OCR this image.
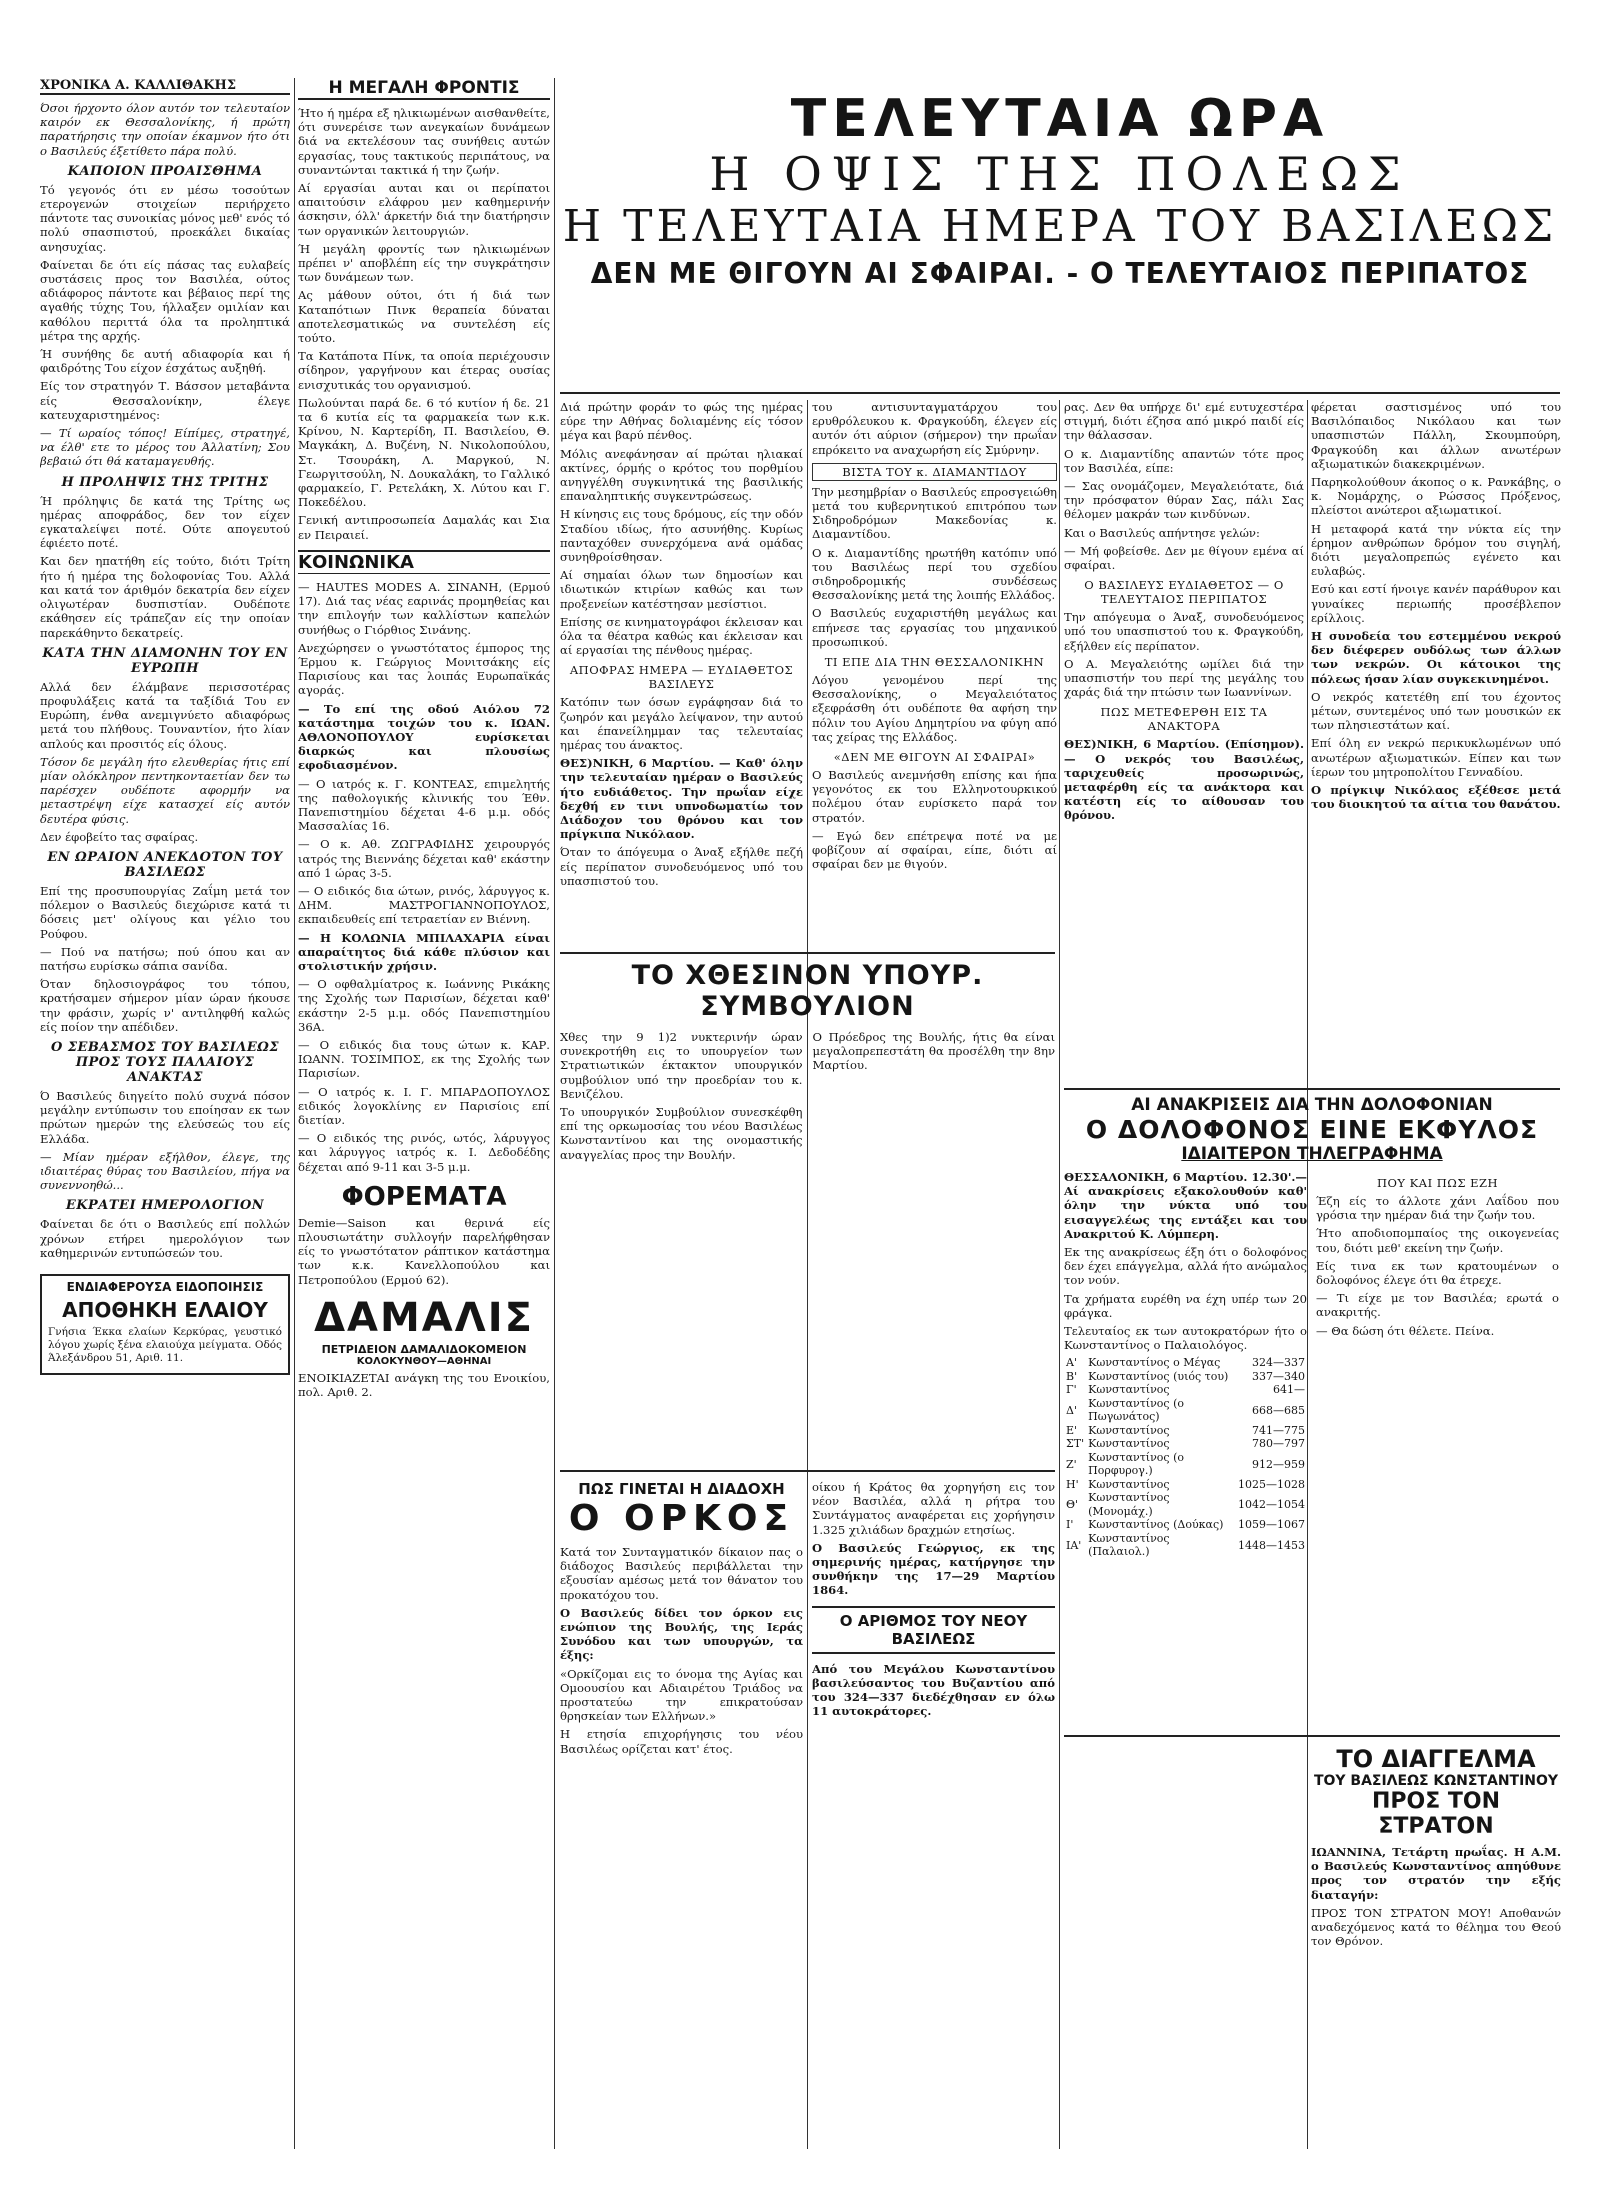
ΤΕΛΕΥΤΑΙΑ ΩΡΑ
Η ΟΨΙΣ ΤΗΣ ΠΟΛΕΩΣ
Η ΤΕΛΕΥΤΑΙΑ ΗΜΕΡΑ ΤΟΥ ΒΑΣΙΛΕΩΣ
ΔΕΝ ΜΕ ΘΙΓΟΥΝ ΑΙ ΣΦΑΙΡΑΙ. - Ο ΤΕΛΕΥΤΑΙΟΣ ΠΕΡΙΠΑΤΟΣ
ΧΡΟΝΙΚΑ Α. ΚΑΛΛΙΘΑΚΗΣ

Όσοι ήρχοντο όλον αυτόν τον τελευταίον καιρόν εκ Θεσσαλονίκης, ή πρώτη παρατήρησις την οποίαν έκαμνον ήτο ότι ο Βασιλεύς έξετίθετο πάρα πολύ.

ΚΑΠΟΙΟΝ ΠΡΟΑΙΣΘΗΜΑ

Τό γεγονός ότι εν μέσω τοσούτων ετερογενών στοιχείων περιήρχετο πάντοτε τας συνοικίας μόνος μεθ' ενός τό πολύ σπασπιστού, προεκάλει δικαίας ανησυχίας.

Φαίνεται δε ότι είς πάσας τας ευλαβείς συστάσεις προς τον Βασιλέα, ούτος αδιάφορος πάντοτε και βέβαιος περί της αγαθής τύχης Του, ήλλαξεν ομιλίαν και καθόλου περιττά όλα τα προληπτικά μέτρα της αρχής.

Ή συνήθης δε αυτή αδιαφορία και ή φαιδρότης Του είχον έσχάτως αυξηθή.

Είς τον στρατηγόν Τ. Βάσσον μεταβάντα είς Θεσσαλονίκην, έλεγε κατευχαριστημένος:

— Τί ωραίος τόπος! Είπίμες, στρατηγέ, να έλθ' ετε το μέρος του Άλλατίνη; Σου βεβαιώ ότι θά καταμαγευθής.

Η ΠΡΟΛΗΨΙΣ ΤΗΣ ΤΡΙΤΗΣ

Ή πρόληψις δε κατά της Τρίτης ως ημέρας αποφράδος, δεν τον είχεν εγκαταλείψει ποτέ. Ούτε απογευτού έφιέετο ποτέ.

Και δεν ηπατήθη είς τούτο, διότι Τρίτη ήτο ή ημέρα της δολοφονίας Του. Αλλά και κατά τον άριθμόν δεκατρία δεν είχεν ολιγωτέραν δυσπιστίαν. Ουδέποτε εκάθησεν είς τράπεζαν είς την οποίαν παρεκάθηντο δεκατρείς.

ΚΑΤΑ ΤΗΝ ΔΙΑΜΟΝΗΝ ΤΟΥ ΕΝ ΕΥΡΩΠΗ

Αλλά δεν έλάμβανε περισσοτέρας προφυλάξεις κατά τα ταξίδιά Του εν Ευρώπη, ένθα ανεμιγνύετο αδιαφόρως μετά του πλήθους. Τουναντίον, ήτο λίαν απλούς και προσιτός είς όλους.

Τόσον δε μεγάλη ήτο ελευθερίας ήτις επί μίαν ολόκληρον πεντηκονταετίαν δεν τω παρέσχεν ουδέποτε αφορμήν να μεταστρέψη είχε κατασχεί είς αυτόν δευτέρα φύσις.

Δεν έφοβείτο τας σφαίρας.

ΕΝ ΩΡΑΙΟΝ ΑΝΕΚΔΟΤΟΝ ΤΟΥ ΒΑΣΙΛΕΩΣ

Επί της προσυπουργίας Ζαΐμη μετά τον πόλεμον ο Βασιλεύς διεχώρισε κατά τι δόσεις μετ' ολίγους και γέλιο του Ρούφου.

— Πού να πατήσω; πού όπου και αν πατήσω ευρίσκω σάπια σανίδα.

Όταν δηλοσιογράφος του τόπου, κρατήσαμεν σήμερον μίαν ώραν ήκουσε την φράσιν, χωρίς ν' αντιληφθή καλώς είς ποίον την απέδιδεν.

Ο ΣΕΒΑΣΜΟΣ ΤΟΥ ΒΑΣΙΛΕΩΣ ΠΡΟΣ ΤΟΥΣ ΠΑΛΑΙΟΥΣ ΑΝΑΚΤΑΣ

Ό Βασιλεύς διηγείτο πολύ συχνά πόσον μεγάλην εντύπωσιν του εποίησαν εκ των πρώτων ημερών της ελεύσεώς του είς Ελλάδα.

— Μίαν ημέραν εξήλθον, έλεγε, της ιδιαιτέρας θύρας του Βασιλείου, πήγα να συνεννοηθώ...

ΕΚΡΑΤΕΙ ΗΜΕΡΟΛΟΓΙΟΝ

Φαίνεται δε ότι ο Βασιλεύς επί πολλών χρόνων ετήρει ημερολόγιον των καθημερινών εντυπώσεών του.

ΕΝΔΙΑΦΕΡΟΥΣΑ ΕΙΔΟΠΟΙΗΣΙΣ
ΑΠΟΘΗΚΗ ΕΛΑΙΟΥ

Γνήσια Έκκα ελαίων Κερκύρας, γευστικό λόγου χωρίς ξένα ελαιούχα μείγματα. Οδός Άλεξάνδρου 51, Αριθ. 11.

Η ΜΕΓΑΛΗ ΦΡΟΝΤΙΣ

Ήτο ή ημέρα εξ ηλικιωμένων αισθανθείτε, ότι συνερέισε των ανεγκαίων δυνάμεων διά να εκτελέσουν τας συνήθεις αυτών εργασίας, τους τακτικούς περιπάτους, να συναντώνται τακτικά ή την ζωήν.

Αί εργασίαι αυται και οι περίπατοι απαιτούσιν ελάφρου μεν καθημερινήν άσκησιν, όλλ' άρκετήν διά την διατήρησιν των οργανικών λειτουργιών.

Ή μεγάλη φροντίς των ηλικιωμένων πρέπει ν' αποβλέπη είς την συγκράτησιν των δυνάμεων των.

Ας μάθουν ούτοι, ότι ή διά των Καταπότιων Πινκ θεραπεία δύναται αποτελεσματικώς να συντελέση είς τούτο.

Τα Κατάποτα Πίνκ, τα οποία περιέχουσιν σίδηρον, γαργήνουν και έτερας ουσίας ενισχυτικάς του οργανισμού.

Πωλούνται παρά δε. 6 τό κυτίον ή δε. 21 τα 6 κυτία είς τα φαρμακεία των κ.κ. Κρίνου, Ν. Καρτερίδη, Π. Βασιλείου, Θ. Μαγκάκη, Δ. Βυζένη, Ν. Νικολοπούλου, Στ. Τσουράκη, Λ. Μαργκού, Ν. Γεωργιτσούλη, Ν. Δουκαλάκη, το Γαλλικό φαρμακείο, Γ. Ρετελάκη, Χ. Λύτου και Γ. Ποκεδέλου.

Γενική αντιπροσωπεία Δαμαλάς και Σια εν Πειραιεί.

ΚΟΙΝΩΝΙΚΑ

— HAUTES MODES Α. ΣΙΝΑΝΗ, (Ερμού 17). Διά τας νέας εαρινάς προμηθείας και την επιλογήν των καλλίστων καπελών συνήθως ο Γιόρθιος Σινάνης.

Ανεχώρησεν ο γνωστότατος έμπορος της Έρμου κ. Γεώργιος Μονιτσάκης είς Παρισίους και τας λοιπάς Ευρωπαϊκάς αγοράς.

— Το επί της οδού Αιόλου 72 κατάστημα τοιχών του κ. ΙΩΑΝ. ΑΘΛΟΝΟΠΟΥΛΟΥ ευρίσκεται διαρκώς και πλουσίως εφοδιασμένον.

— Ο ιατρός κ. Γ. ΚΟΝΤΕΑΣ, επιμελητής της παθολογικής κλινικής του Έθν. Πανεπιστημίου δέχεται 4-6 μ.μ. οδός Μασσαλίας 16.

— Ο κ. Αθ. ΖΩΓΡΑΦΙΔΗΣ χειρουργός ιατρός της Βιεννάης δέχεται καθ' εκάστην από 1 ώρας 3-5.

— Ο ειδικός δια ώτων, ρινός, λάρυγγος κ. ΔΗΜ. ΜΑΣΤΡΟΓΙΑΝΝΟΠΟΥΛΟΣ, εκπαιδευθείς επί τετραετίαν εν Βιέννη.

— Η ΚΟΛΩΝΙΑ ΜΠΙΛΑΧΑΡΙΑ είναι απαραίτητος διά κάθε πλύσιον και στολιστικήν χρήσιν.

— Ο οφθαλμίατρος κ. Ιωάννης Ρικάκης της Σχολής των Παρισίων, δέχεται καθ' εκάστην 2-5 μ.μ. οδός Πανεπιστημίου 36Α.

— Ο ειδικός δια τους ώτων κ. ΚΑΡ. ΙΩΑΝΝ. ΤΟΣΙΜΠΟΣ, εκ της Σχολής των Παρισίων.

— Ο ιατρός κ. Ι. Γ. ΜΠΑΡΔΟΠΟΥΛΟΣ ειδικός λογοκλίνης εν Παρισίοις επί διετίαν.

— Ο ειδικός της ρινός, ωτός, λάρυγγος και λάρυγγος ιατρός κ. Ι. Δεδοδέδης δέχεται από 9-11 και 3-5 μ.μ.

ΦΟΡΕΜΑΤΑ

Demie—Saison και θερινά είς πλουσιωτάτην συλλογήν παρελήφθησαν είς το γνωστότατον ράπτικον κατάστημα των κ.κ. Κανελλοπούλου και Πετροπούλου (Ερμού 62).

ΔΑΜΑΛΙΣ
ΠΕΤΡΙΔΕΙΟΝ ΔΑΜΑΛΙΔΟΚΟΜΕΙΟΝ
ΚΟΛΟΚΥΝΘΟΥ—ΑΘΗΝΑΙ

ΕΝΟΙΚΙΑΖΕΤΑΙ ανάγκη της του Ενοικίου, πολ. Αριθ. 2.

Διά πρώτην φοράν το φώς της ημέρας εύρε την Αθήνας δολιαμένης είς τόσον μέγα και βαρύ πένθος.

Μόλις ανεφάνησαν αί πρώται ηλιακαί ακτίνες, όρμής ο κρότος του πορθμίου ανηγγέλθη συγκινητικά της βασιλικής επαναληπτικής συγκεντρώσεως.

Η κίνησις εις τους δρόμους, είς την οδόν Σταδίου ιδίως, ήτο ασυνήθης. Κυρίως πανταχόθεν συνερχόμενα ανά ομάδας συνηθροίσθησαν.

Αί σημαίαι όλων των δημοσίων και ιδιωτικών κτιρίων καθώς και των προξενείων κατέστησαν μεσίστιοι.

Επίσης σε κινηματογράφοι έκλεισαν και όλα τα θέατρα καθώς και έκλεισαν και αί εργασίαι της πένθους ημέρας.

ΑΠΟΦΡΑΣ ΗΜΕΡΑ — ΕΥΔΙΑΘΕΤΟΣ ΒΑΣΙΛΕΥΣ

Κατόπιν των όσων εγράφησαν διά το ζωηρόν και μεγάλο λείψανον, την αυτού και έπανείλημμαν τας τελευταίας ημέρας του άνακτος.

ΘΕΣ)ΝΙΚΗ, 6 Μαρτίου. — Καθ' όλην την τελευταίαν ημέραν ο Βασιλεύς ήτο ευδιάθετος. Την πρωΐαν είχε δεχθή εν τινι υπνοδωματίω τον Διάδοχον του θρόνου και τον πρίγκιπα Νικόλαον.

Όταν το άπόγευμα ο Άναξ εξήλθε πεζή είς περίπατον συνοδευόμενος υπό του υπασπιστού του.

του αντισυνταγματάρχου του ερυθρόλευκου κ. Φραγκούδη, έλεγεν είς αυτόν ότι αύριον (σήμερον) την πρωΐαν επρόκειτο να αναχωρήση είς Σμύρνην.

ΒΙΣΤΑ ΤΟΥ κ. ΔΙΑΜΑΝΤΙΔΟΥ

Την μεσημβρίαν ο Βασιλεύς επροσγειώθη μετά του κυβερνητικού επιτρόπου των Σιδηροδρόμων Μακεδονίας κ. Διαμαντίδου.

Ο κ. Διαμαντίδης ηρωτήθη κατόπιν υπό του Βασιλέως περί του σχεδίου σιδηροδρομικής συνδέσεως Θεσσαλονίκης μετά της λοιπής Ελλάδος.

Ο Βασιλεύς ευχαριστήθη μεγάλως και επήνεσε τας εργασίας του μηχανικού προσωπικού.

ΤΙ ΕΠΕ ΔΙΑ ΤΗΝ ΘΕΣΣΑΛΟΝΙΚΗΝ

Λόγου γενομένου περί της Θεσσαλονίκης, ο Μεγαλειότατος εξεφράσθη ότι ουδέποτε θα αφήση την πόλιν του Αγίου Δημητρίου να φύγη από τας χείρας της Ελλάδος.

«ΔΕΝ ΜΕ ΘΙΓΟΥΝ ΑΙ ΣΦΑΙΡΑΙ»

Ο Βασιλεύς ανεμνήσθη επίσης και ήπα γεγονότος εκ του Ελληνοτουρκικού πολέμου όταν ευρίσκετο παρά τον στρατόν.

— Εγώ δεν επέτρεψα ποτέ να με φοβίζουν αί σφαίραι, είπε, διότι αί σφαίραι δεν με θιγούν.

ρας. Δεν θα υπήρχε δι' εμέ ευτυχεστέρα στιγμή, διότι έζησα από μικρό παιδί είς την θάλασσαν.

Ο κ. Διαμαντίδης απαντών τότε προς τον Βασιλέα, είπε:

— Σας ονομάζομεν, Μεγαλειότατε, διά την πρόσφατον θύραν Σας, πάλι Σας θέλομεν μακράν των κινδύνων.

Και ο Βασιλεύς απήντησε γελών:

— Μή φοβείσθε. Δεν με θίγουν εμένα αί σφαίραι.

Ο ΒΑΣΙΛΕΥΣ ΕΥΔΙΑΘΕΤΟΣ — Ο ΤΕΛΕΥΤΑΙΟΣ ΠΕΡΙΠΑΤΟΣ

Την απόγευμα ο Άναξ, συνοδευόμενος υπό του υπασπιστού του κ. Φραγκούδη, εξήλθεν είς περίπατον.

Ο Α. Μεγαλειότης ωμίλει διά την υπασπιστήν του περί της μεγάλης του χαράς διά την πτώσιν των Ιωαννίνων.

ΠΩΣ ΜΕΤΕΦΕΡΘΗ ΕΙΣ ΤΑ ΑΝΑΚΤΟΡΑ

ΘΕΣ)ΝΙΚΗ, 6 Μαρτίου. (Επίσημον). — Ο νεκρός του Βασιλέως, ταριχευθείς προσωρινώς, μεταφέρθη είς τα ανάκτορα και κατέστη είς το αίθουσαν του θρόνου.

φέρεται σαστισμένος υπό του Βασιλόπαιδος Νικόλαου και των υπασπιστών Πάλλη, Σκουμπούρη, Φραγκούδη και άλλων ανωτέρων αξιωματικών διακεκριμένων.

Παρηκολούθουν άκοπος ο κ. Ρανκάβης, ο κ. Νομάρχης, ο Ρώσσος Πρόξενος, πλείστοι ανώτεροι αξιωματικοί.

Η μεταφορά κατά την νύκτα είς την έρημον ανθρώπων δρόμον του σιγηλή, διότι μεγαλοπρεπώς εγένετο και ευλαβώς.

Εσύ και εστί ήνοιγε κανέν παράθυρον και γυναίκες περιωπής προσέβλεπον ερίλλοις.

Η συνοδεία του εστεμμένου νεκρού δεν διέφερεν ουδόλως των άλλων των νεκρών. Οι κάτοικοι της πόλεως ήσαν λίαν συγκεκινημένοι.

Ο νεκρός κατετέθη επί του έχοντος μέτων, συντεμένος υπό των μουσικών εκ των πλησιεστάτων καί.

Επί όλη εν νεκρώ περικυκλωμένων υπό ανωτέρων αξιωματικών. Είπεν και των ίερων του μητροπολίτου Γενναδίου.

Ο πρίγκιψ Νικόλαος εξέθεσε μετά του διοικητού τα αίτια του θανάτου.

ΤΟ ΧΘΕΣΙΝΟΝ ΥΠΟΥΡ. ΣΥΜΒΟΥΛΙΟΝ

Χθες την 9 1)2 νυκτερινήν ώραν συνεκροτήθη εις το υπουργείον των Στρατιωτικών έκτακτον υπουργικόν συμβούλιον υπό την προεδρίαν του κ. Βενιζέλου.

Το υπουργικόν Συμβούλιον συνεσκέφθη επί της ορκωμοσίας του νέου Βασιλέως Κωνσταντίνου και της ονομαστικής αναγγελίας προς την Βουλήν.

Ο Πρόεδρος της Βουλής, ήτις θα είναι μεγαλοπρεπεστάτη θα προσέλθη την 8ην Μαρτίου.

ΠΩΣ ΓΙΝΕΤΑΙ Η ΔΙΑΔΟΧΗ
Ο ΟΡΚΟΣ

Κατά τον Συνταγματικόν δίκαιον πας ο διάδοχος Βασιλεύς περιβάλλεται την εξουσίαν αμέσως μετά τον θάνατον του προκατόχου του.

Ο Βασιλεύς δίδει τον όρκον εις ενώπιον της Βουλής, της Ιεράς Συνόδου και των υπουργών, τα έξης:

«Ορκίζομαι εις το όνομα της Αγίας και Ομοουσίου και Αδιαιρέτου Τριάδος να προστατεύω την επικρατούσαν θρησκείαν των Ελλήνων.»

Η ετησία επιχορήγησις του νέου Βασιλέως ορίζεται κατ' έτος.

οίκου ή Κράτος θα χορηγήση εις τον νέον Βασιλέα, αλλά η ρήτρα του Συντάγματος αναφέρεται εις χορήγησιν 1.325 χιλιάδων δραχμών ετησίως.

Ο Βασιλεύς Γεώργιος, εκ της σημερινής ημέρας, κατήργησε την συνθήκην της 17—29 Μαρτίου 1864.

Ο ΑΡΙΘΜΟΣ ΤΟΥ ΝΕΟΥ ΒΑΣΙΛΕΩΣ

Από του Μεγάλου Κωνσταντίνου βασιλεύσαντος του Βυζαντίου από του 324—337 διεδέχθησαν εν όλω 11 αυτοκράτορες.

ΑΙ ΑΝΑΚΡΙΣΕΙΣ ΔΙΑ ΤΗΝ ΔΟΛΟΦΟΝΙΑΝ
Ο ΔΟΛΟΦΟΝΟΣ ΕΙΝΕ ΕΚΦΥΛΟΣ
ΙΔΙΑΙΤΕΡΟΝ ΤΗΛΕΓΡΑΦΗΜΑ

ΘΕΣΣΑΛΟΝΙΚΗ, 6 Μαρτίου. 12.30'.— Αί ανακρίσεις εξακολουθούν καθ' όλην την νύκτα υπό του εισαγγελέως της εντάξει και του Ανακριτού Κ. Λύμπερη.

Εκ της ανακρίσεως έξη ότι ο δολοφόνος δεν έχει επάγγελμα, αλλά ήτο ανώμαλος τον νούν.

Τα χρήματα ευρέθη να έχη υπέρ των 20 φράγκα.

Τελευταίος εκ των αυτοκρατόρων ήτο ο Κωνσταντίνος ο Παλαιολόγος.

Α'	Κωνσταντίνος ο Μέγας	324—337
Β'	Κωνσταντίνος (υιός του)	337—340
Γ'	Κωνσταντίνος	641—
Δ'	Κωνσταντίνος (ο Πωγωνάτος)	668—685
Ε'	Κωνσταντίνος	741—775
ΣΤ'	Κωνσταντίνος	780—797
Ζ'	Κωνσταντίνος (ο Πορφυρογ.)	912—959
Η'	Κωνσταντίνος	1025—1028
Θ'	Κωνσταντίνος (Μονομάχ.)	1042—1054
Ι'	Κωνσταντίνος (Δούκας)	1059—1067
ΙΑ'	Κωνσταντίνος (Παλαιολ.)	1448—1453
ΠΟΥ ΚΑΙ ΠΩΣ ΕΖΗ

Έζη είς το άλλοτε χάνι Λαΐδου που γρόσια την ημέραν διά την ζωήν του.

Ήτο αποδιοπομπαίος της οικογενείας του, διότι μεθ' εκείνη την ζωήν.

Είς τινα εκ των κρατουμένων ο δολοφόνος έλεγε ότι θα έτρεχε.

— Τι είχε με τον Βασιλέα; ερωτά ο ανακριτής.

— Θα δώση ότι θέλετε. Πείνα.

ΤΟ ΔΙΑΓΓΕΛΜΑ
ΤΟΥ ΒΑΣΙΛΕΩΣ ΚΩΝΣΤΑΝΤΙΝΟΥ
ΠΡΟΣ ΤΟΝ ΣΤΡΑΤΟΝ

ΙΩΑΝΝΙΝΑ, Τετάρτη πρωΐας. Η Α.Μ. ο Βασιλεύς Κωνσταντίνος απηύθυνε προς τον στρατόν την εξής διαταγήν:

ΠΡΟΣ ΤΟΝ ΣΤΡΑΤΟΝ ΜΟΥ! Αποθανών αναδεχόμενος κατά το θέλημα του Θεού τον Θρόνον.
